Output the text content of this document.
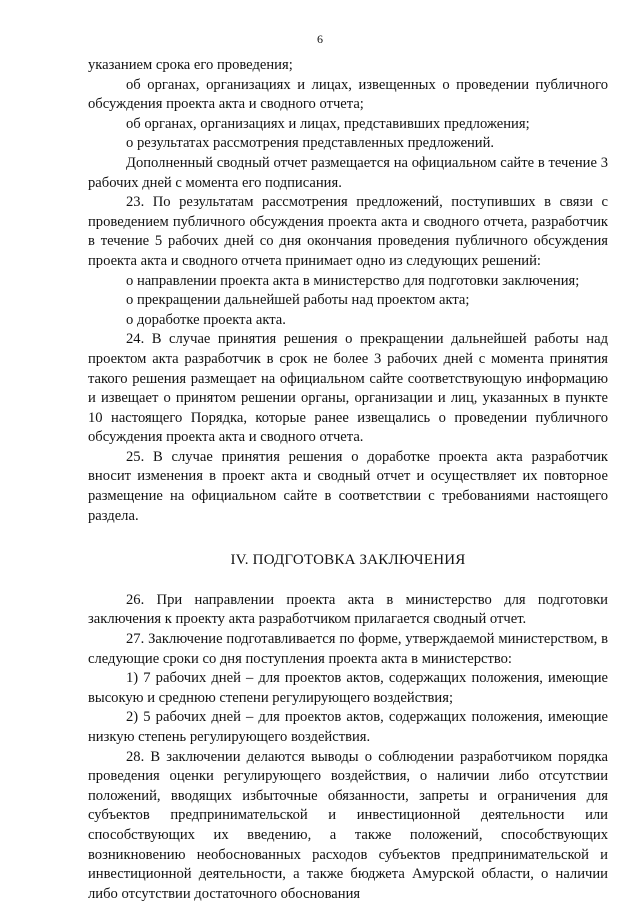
6

указанием срока его проведения;

об органах, организациях и лицах, извещенных о проведении публичного обсуждения проекта акта и сводного отчета;

об органах, организациях и лицах, представивших предложения;

о результатах рассмотрения представленных предложений.

Дополненный сводный отчет размещается на официальном сайте в течение 3 рабочих дней с момента его подписания.

23. По результатам рассмотрения предложений, поступивших в связи с проведением публичного обсуждения проекта акта и сводного отчета, разработчик в течение 5 рабочих дней со дня окончания проведения публичного обсуждения проекта акта и сводного отчета принимает одно из следующих решений:

о направлении проекта акта в министерство для подготовки заключения;

о прекращении дальнейшей работы над проектом акта;

о доработке проекта акта.

24. В случае принятия решения о прекращении дальнейшей работы над проектом акта разработчик в срок не более 3 рабочих дней с момента принятия такого решения размещает на официальном сайте соответствующую информацию и извещает о принятом решении органы, организации и лиц, указанных в пункте 10 настоящего Порядка, которые ранее извещались о проведении публичного обсуждения проекта акта и сводного отчета.

25. В случае принятия решения о доработке проекта акта разработчик вносит изменения в проект акта и сводный отчет и осуществляет их повторное размещение на официальном сайте в соответствии с требованиями настоящего раздела.

IV. ПОДГОТОВКА ЗАКЛЮЧЕНИЯ

26. При направлении проекта акта в министерство для подготовки заключения к проекту акта разработчиком прилагается сводный отчет.

27. Заключение подготавливается по форме, утверждаемой министерством, в следующие сроки со дня поступления проекта акта в министерство:

1) 7 рабочих дней – для проектов актов, содержащих положения, имеющие высокую и среднюю степени регулирующего воздействия;

2) 5 рабочих дней – для проектов актов, содержащих положения, имеющие низкую степень регулирующего воздействия.

28. В заключении делаются выводы о соблюдении разработчиком порядка проведения оценки регулирующего воздействия, о наличии либо отсутствии положений, вводящих избыточные обязанности, запреты и ограничения для субъектов предпринимательской и инвестиционной деятельности или способствующих их введению, а также положений, способствующих возникновению необоснованных расходов субъектов предпринимательской и инвестиционной деятельности, а также бюджета Амурской области, о наличии либо отсутствии достаточного обоснования
